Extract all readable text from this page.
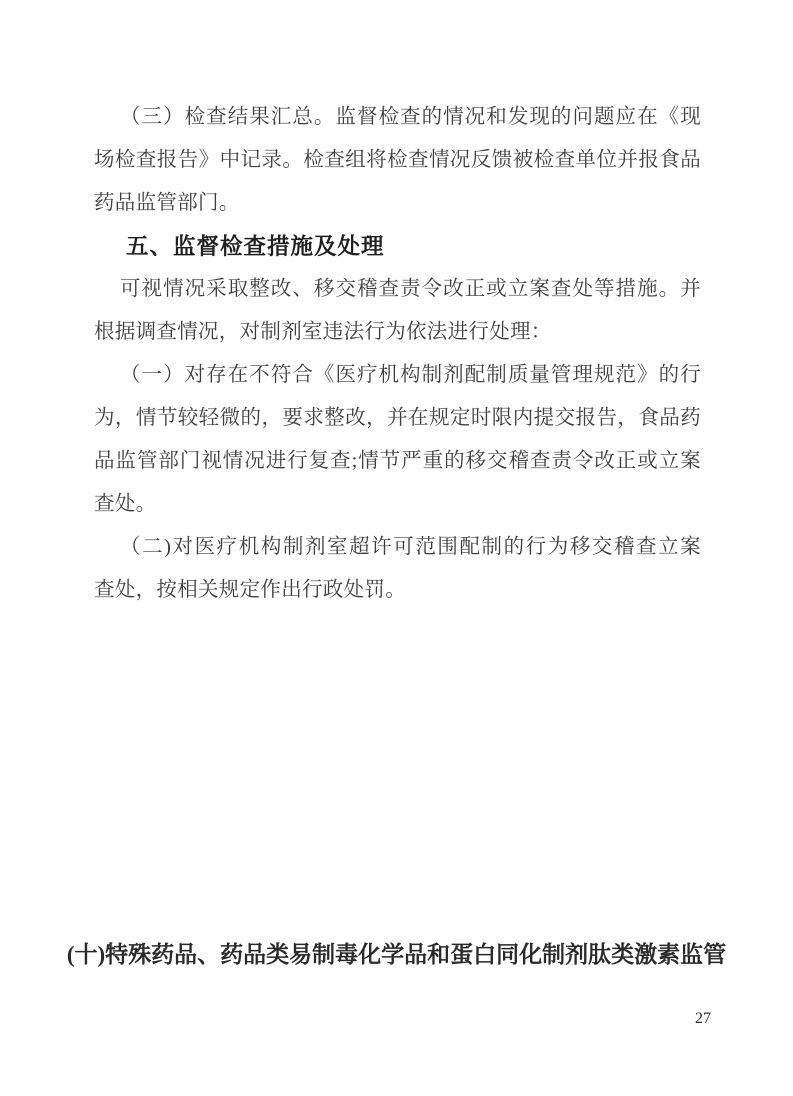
（三）检查结果汇总。监督检查的情况和发现的问题应在《现
场检查报告》中记录。检查组将检查情况反馈被检查单位并报食品
药品监管部门。
五、监督检查措施及处理
可视情况采取整改、移交稽查责令改正或立案查处等措施。并
根据调查情况，对制剂室违法行为依法进行处理：
（一）对存在不符合《医疗机构制剂配制质量管理规范》的行
为，情节较轻微的，要求整改，并在规定时限内提交报告，食品药
品监管部门视情况进行复查;情节严重的移交稽查责令改正或立案
查处。
（二)对医疗机构制剂室超许可范围配制的行为移交稽查立案
查处，按相关规定作出行政处罚。
(十)特殊药品、药品类易制毒化学品和蛋白同化制剂肽类激素监管
27
